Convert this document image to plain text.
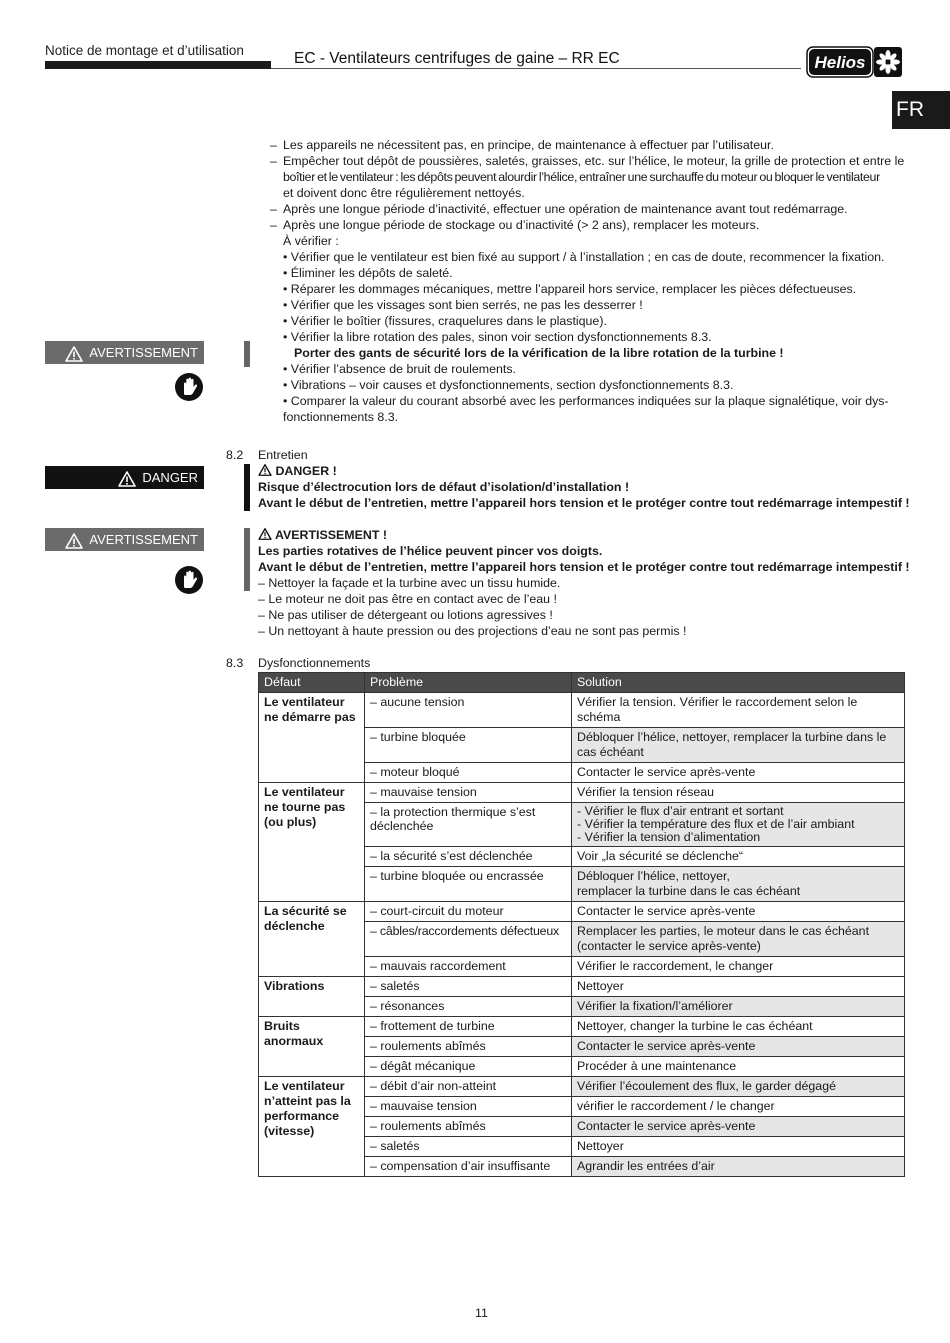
Notice de montage et d’utilisation	EC - Ventilateurs centrifuges de gaine – RR EC	Helios
FR
– Les appareils ne nécessitent pas, en principe, de maintenance à effectuer par l’utilisateur.
– Empêcher tout dépôt de poussières, saletés, graisses, etc. sur l’hélice, le moteur, la grille de protection et entre le
boîtier et le ventilateur : les dépôts peuvent alourdir l’hélice, entraîner une surchauffe du moteur ou bloquer le ventilateur
et doivent donc être régulièrement nettoyés.
– Après une longue période d’inactivité, effectuer une opération de maintenance avant tout redémarrage.
– Après une longue période de stockage ou d’inactivité (> 2 ans), remplacer les moteurs.
À vérifier :
• Vérifier que le ventilateur est bien fixé au support / à l’installation ; en cas de doute, recommencer la fixation.
• Éliminer les dépôts de saleté.
• Réparer les dommages mécaniques, mettre l’appareil hors service, remplacer les pièces défectueuses.
• Vérifier que les vissages sont bien serrés, ne pas les desserrer !
• Vérifier le boîtier (fissures, craquelures dans le plastique).
• Vérifier la libre rotation des pales, sinon voir section dysfonctionnements 8.3.
Porter des gants de sécurité lors de la vérification de la libre rotation de la turbine !
• Vérifier l’absence de bruit de roulements.
• Vibrations – voir causes et dysfonctionnements, section dysfonctionnements 8.3.
• Comparer la valeur du courant absorbé avec les performances indiquées sur la plaque signalétique, voir dys-
fonctionnements 8.3.
AVERTISSEMENT
8.2 Entretien
DANGER	DANGER !
Risque d’électrocution lors de défaut d’isolation/d’installation !
Avant le début de l’entretien, mettre l’appareil hors tension et le protéger contre tout redémarrage intempestif !
AVERTISSEMENT	AVERTISSEMENT !
Les parties rotatives de l’hélice peuvent pincer vos doigts.
Avant le début de l’entretien, mettre l’appareil hors tension et le protéger contre tout redémarrage intempestif !
– Nettoyer la façade et la turbine avec un tissu humide.
– Le moteur ne doit pas être en contact avec de l’eau !
– Ne pas utiliser de détergeant ou lotions agressives !
– Un nettoyant à haute pression ou des projections d’eau ne sont pas permis !
8.3 Dysfonctionnements
Défaut	Problème	Solution
Le ventilateur ne démarre pas	– aucune tension	Vérifier la tension. Vérifier le raccordement selon le schéma
	– turbine bloquée	Débloquer l’hélice, nettoyer, remplacer la turbine dans le cas échéant
	– moteur bloqué	Contacter le service après-vente
Le ventilateur ne tourne pas (ou plus)	– mauvaise tension	Vérifier la tension réseau
	– la protection thermique s’est déclenchée	- Vérifier le flux d’air entrant et sortant
- Vérifier la température des flux et de l’air ambiant
- Vérifier la tension d’alimentation
	– la sécurité s’est déclenchée	Voir „la sécurité se déclenche“
	– turbine bloquée ou encrassée	Débloquer l’hélice, nettoyer,
remplacer la turbine dans le cas échéant
La sécurité se déclenche	– court-circuit du moteur	Contacter le service après-vente
	– câbles/raccordements défectueux	Remplacer les parties, le moteur dans le cas échéant (contacter le service après-vente)
	– mauvais raccordement	Vérifier le raccordement, le changer
Vibrations	– saletés	Nettoyer
	– résonances	Vérifier la fixation/l’améliorer
Bruits anormaux	– frottement de turbine	Nettoyer, changer la turbine le cas échéant
	– roulements abîmés	Contacter le service après-vente
	– dégât mécanique	Procéder à une maintenance
Le ventilateur n’atteint pas la performance (vitesse)	– débit d’air non-atteint	Vérifier l’écoulement des flux, le garder dégagé
	– mauvaise tension	vérifier le raccordement / le changer
	– roulements abîmés	Contacter le service après-vente
	– saletés	Nettoyer
	– compensation d’air insuffisante	Agrandir les entrées d’air
11
